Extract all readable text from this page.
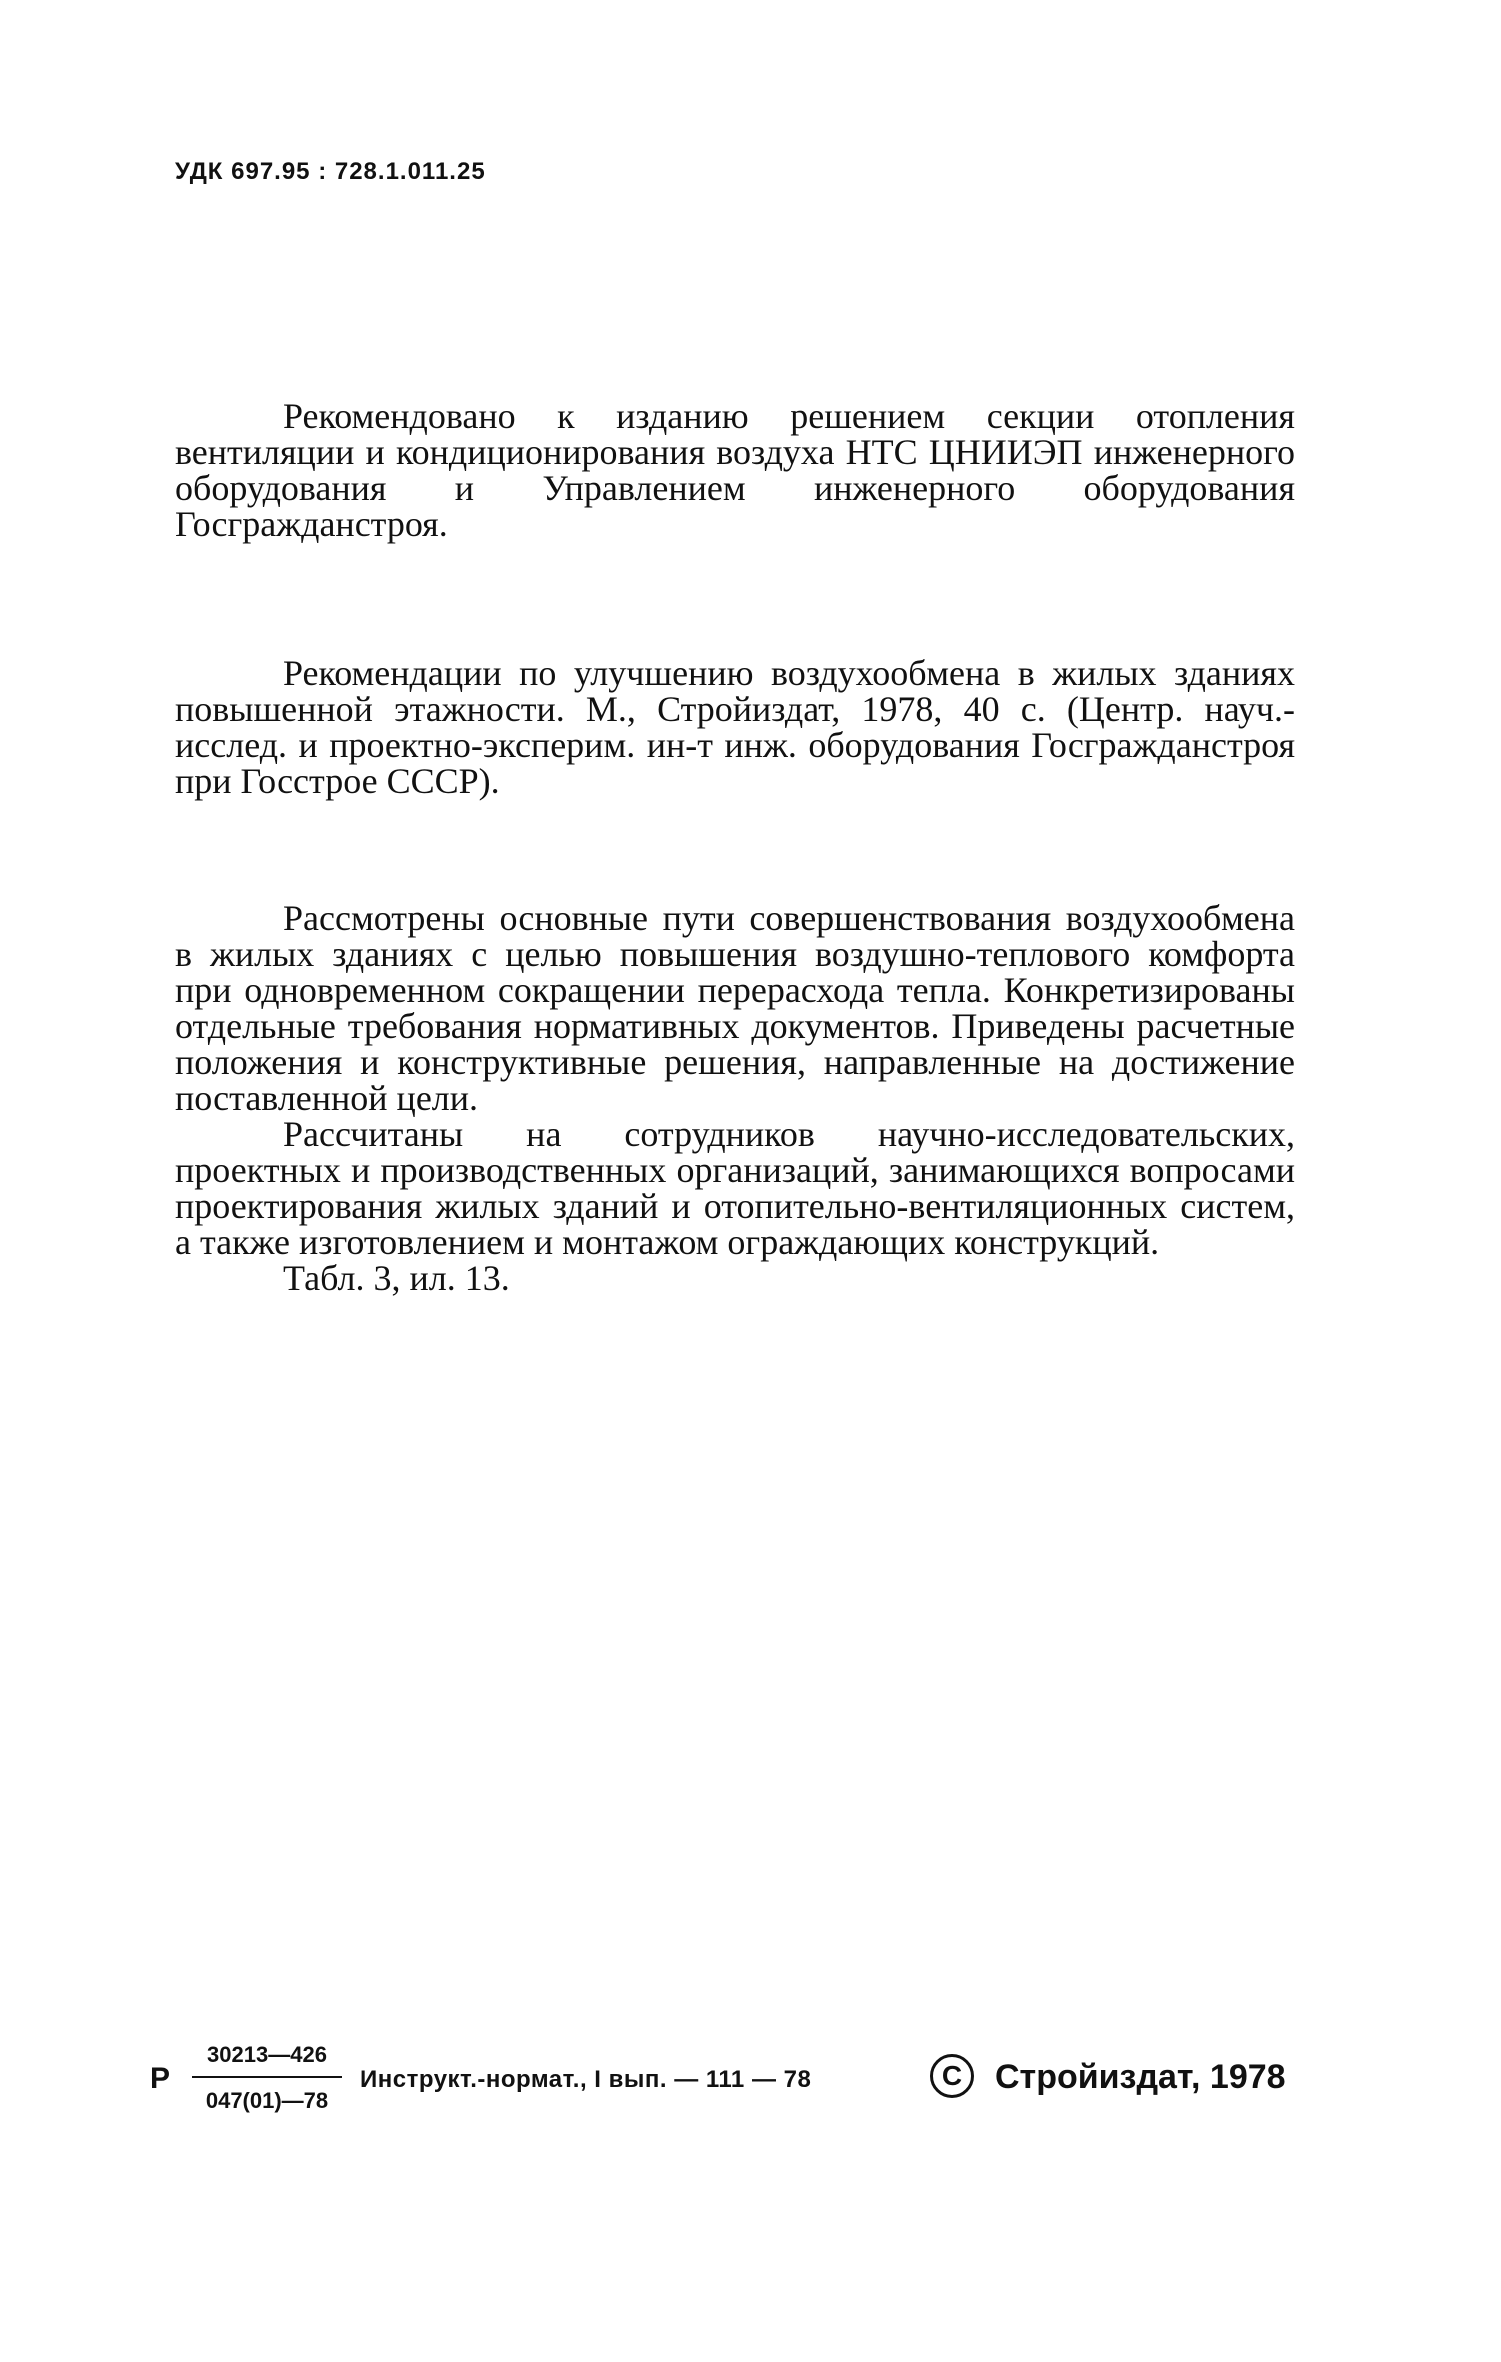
УДК 697.95 : 728.1.011.25

Рекомендовано к изданию решением секции отопления вентиляции и кондиционирования воздуха НТС ЦНИИЭП инженерного оборудования и Управлением инженерного оборудования Госгражданстроя.

Рекомендации по улучшению воздухообмена в жилых зданиях повышенной этажности. М., Стройиздат, 1978, 40 с. (Центр. науч.-исслед. и проектно-эксперим. ин-т инж. оборудования Госгражданстроя при Госстрое СССР).

Рассмотрены основные пути совершенствования воздухообмена в жилых зданиях с целью повышения воздушно-теплового комфорта при одновременном сокращении перерасхода тепла. Конкретизированы отдельные требования нормативных документов. Приведены расчетные положения и конструктивные решения, направленные на достижение поставленной цели.

Рассчитаны на сотрудников научно-исследовательских, проектных и производственных организаций, занимающихся вопросами проектирования жилых зданий и отопительно-вентиляционных систем, а также изготовлением и монтажом ограждающих конструкций.

Табл. 3, ил. 13.

Р
30213—426
047(01)—78
Инструкт.-нормат., I вып. — 111 — 78	C Стройиздат, 1978
